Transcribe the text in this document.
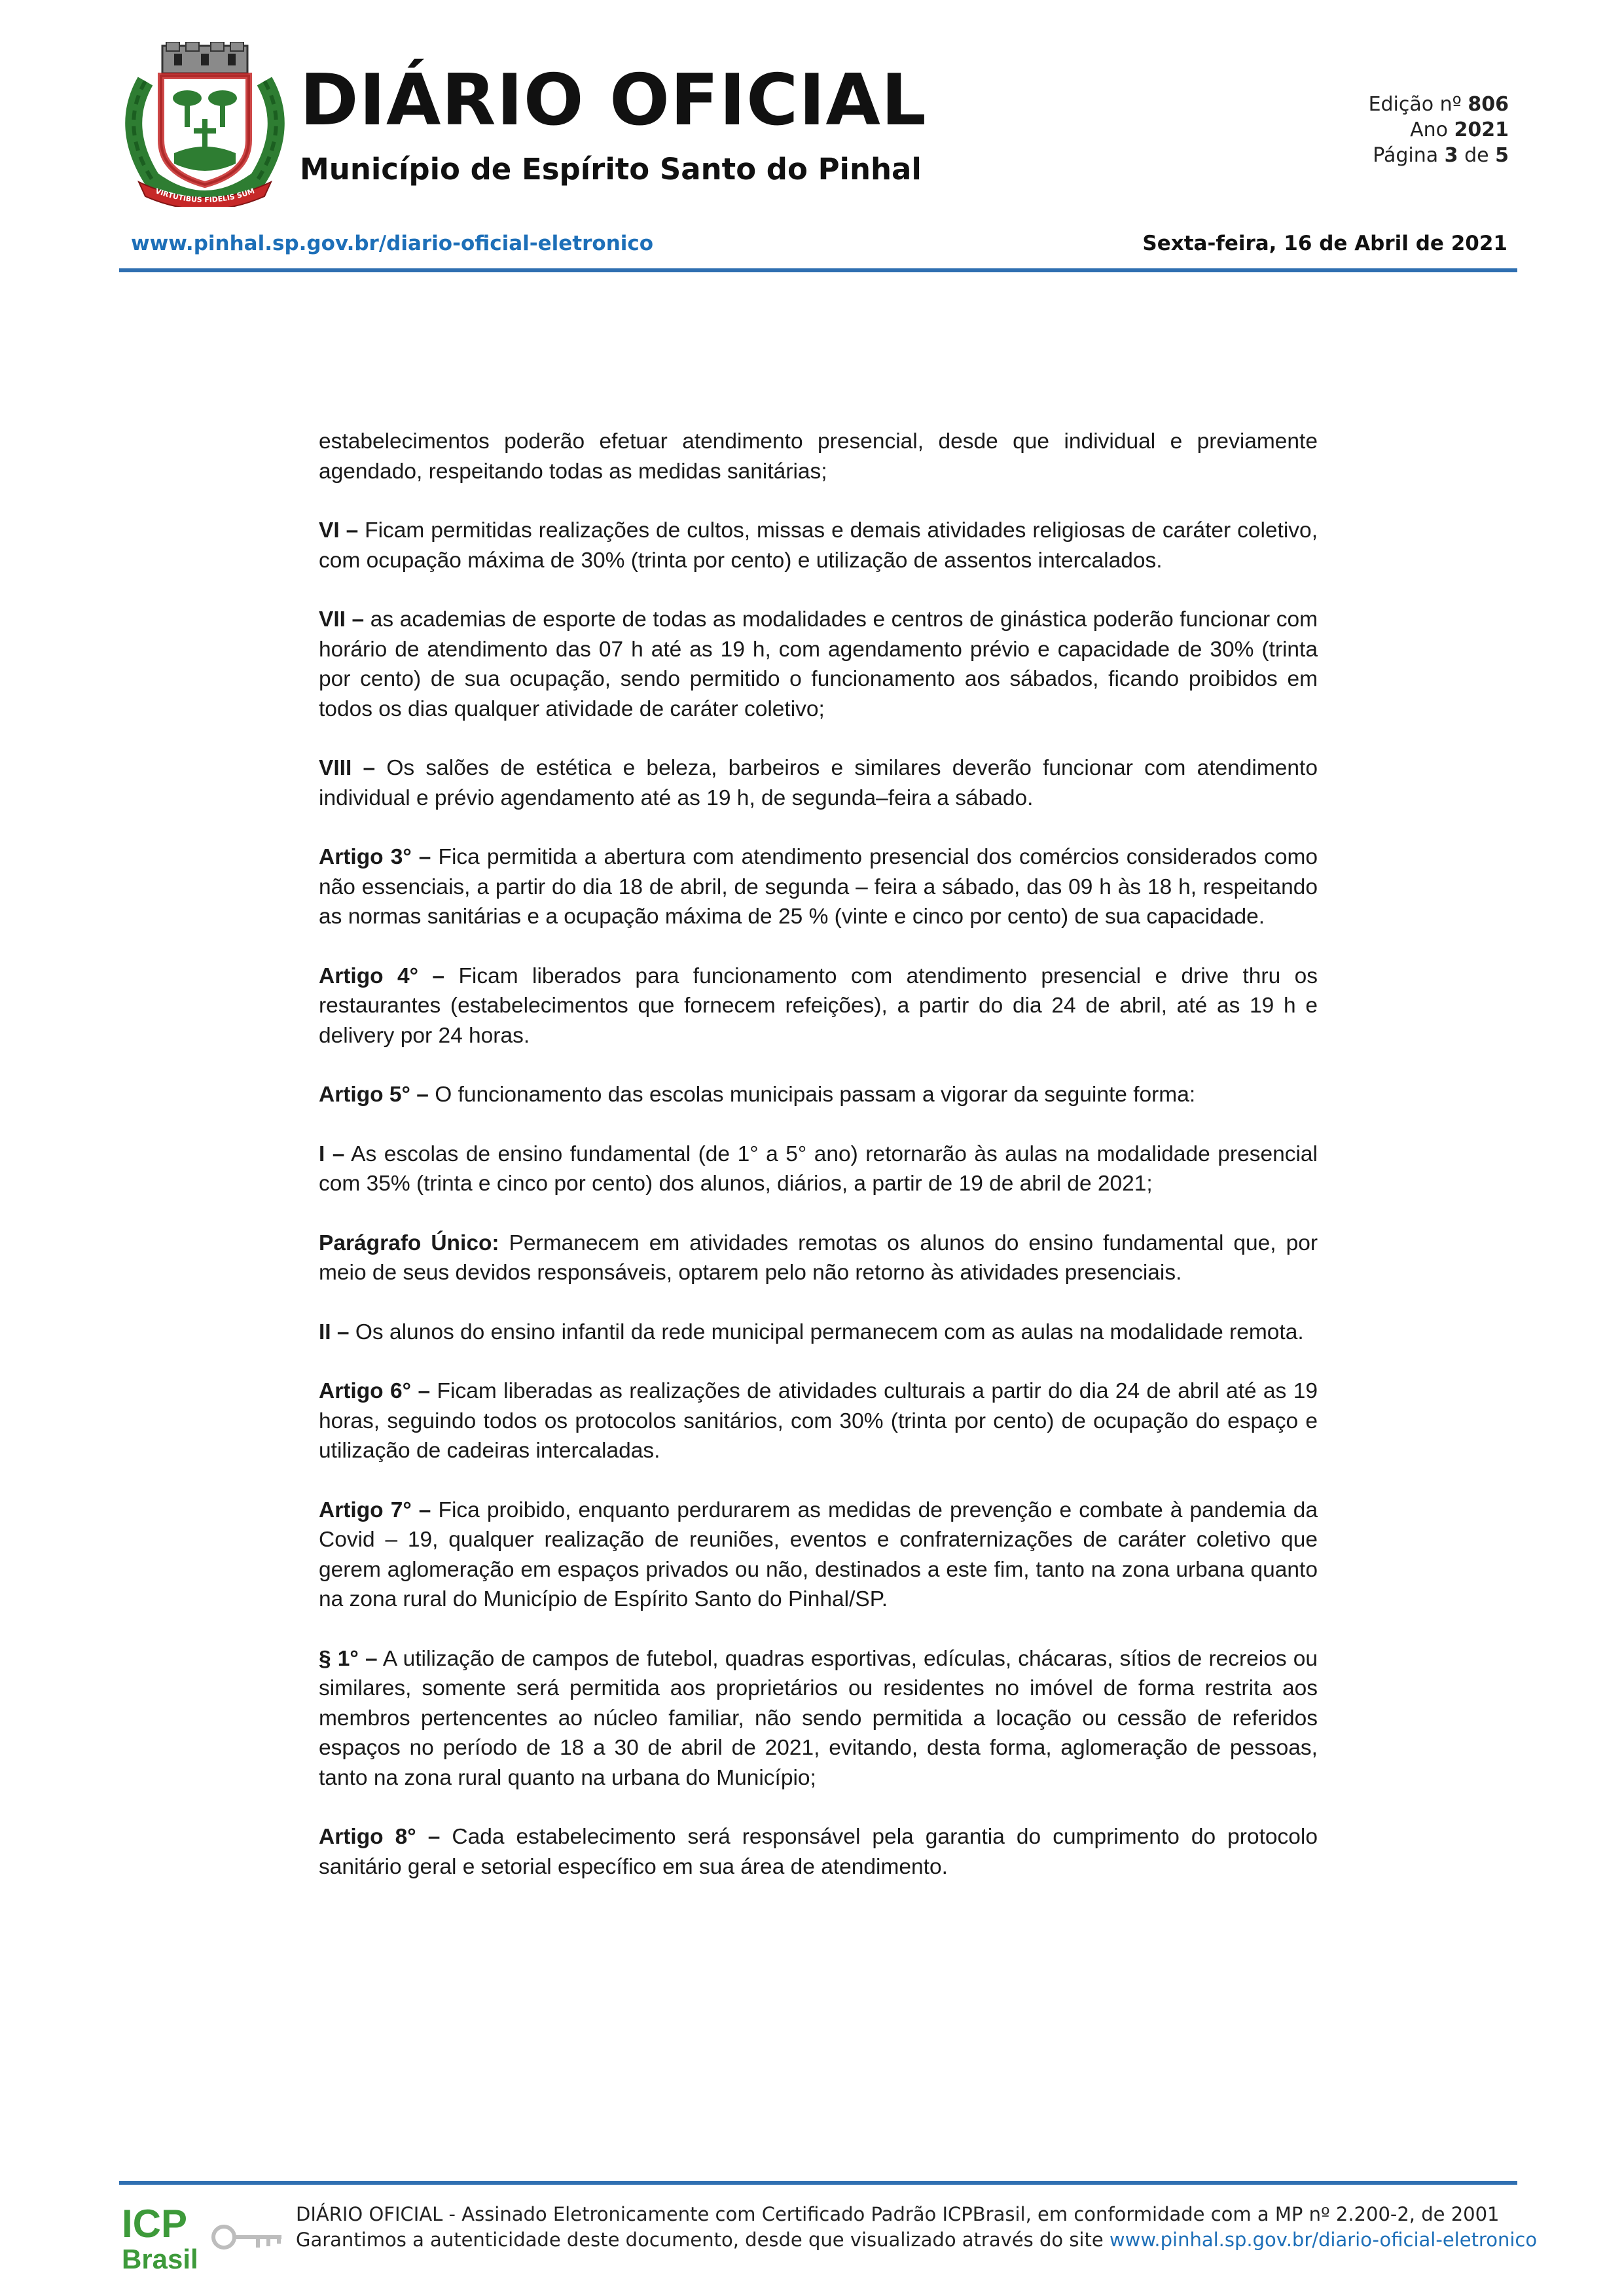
VIRTUTIBUS FIDELIS SUM
DIÁRIO OFICIAL
Município de Espírito Santo do Pinhal
Edição nº 806
Ano 2021
Página 3 de 5
www.pinhal.sp.gov.br/diario-oficial-eletronico	Sexta-feira, 16 de Abril de 2021

estabelecimentos poderão efetuar atendimento presencial, desde que individual e previamente agendado, respeitando todas as medidas sanitárias;

VI – Ficam permitidas realizações de cultos, missas e demais atividades religiosas de caráter coletivo, com ocupação máxima de 30% (trinta por cento) e utilização de assentos intercalados.

VII – as academias de esporte de todas as modalidades e centros de ginástica poderão funcionar com horário de atendimento das 07 h até as 19 h, com agendamento prévio e capacidade de 30% (trinta por cento) de sua ocupação, sendo permitido o funcionamento aos sábados, ficando proibidos em todos os dias qualquer atividade de caráter coletivo;

VIII – Os salões de estética e beleza, barbeiros e similares deverão funcionar com atendimento individual e prévio agendamento até as 19 h, de segunda–feira a sábado.

Artigo 3° – Fica permitida a abertura com atendimento presencial dos comércios considerados como não essenciais, a partir do dia 18 de abril, de segunda – feira a sábado, das 09 h às 18 h, respeitando as normas sanitárias e a ocupação máxima de 25 % (vinte e cinco por cento) de sua capacidade.

Artigo 4° – Ficam liberados para funcionamento com atendimento presencial e drive thru os restaurantes (estabelecimentos que fornecem refeições), a partir do dia 24 de abril, até as 19 h e delivery por 24 horas.

Artigo 5° – O funcionamento das escolas municipais passam a vigorar da seguinte forma:

I – As escolas de ensino fundamental (de 1° a 5° ano) retornarão às aulas na modalidade presencial com 35% (trinta e cinco por cento) dos alunos, diários, a partir de 19 de abril de 2021;

Parágrafo Único: Permanecem em atividades remotas os alunos do ensino fundamental que, por meio de seus devidos responsáveis, optarem pelo não retorno às atividades presenciais.

II – Os alunos do ensino infantil da rede municipal permanecem com as aulas na modalidade remota.

Artigo 6° – Ficam liberadas as realizações de atividades culturais a partir do dia 24 de abril até as 19 horas, seguindo todos os protocolos sanitários, com 30% (trinta por cento) de ocupação do espaço e utilização de cadeiras intercaladas.

Artigo 7° – Fica proibido, enquanto perdurarem as medidas de prevenção e combate à pandemia da Covid – 19, qualquer realização de reuniões, eventos e confraternizações de caráter coletivo que gerem aglomeração em espaços privados ou não, destinados a este fim, tanto na zona urbana quanto na zona rural do Município de Espírito Santo do Pinhal/SP.

§ 1° – A utilização de campos de futebol, quadras esportivas, edículas, chácaras, sítios de recreios ou similares, somente será permitida aos proprietários ou residentes no imóvel de forma restrita aos membros pertencentes ao núcleo familiar, não sendo permitida a locação ou cessão de referidos espaços no período de 18 a 30 de abril de 2021, evitando, desta forma, aglomeração de pessoas, tanto na zona rural quanto na urbana do Município;

Artigo 8° – Cada estabelecimento será responsável pela garantia do cumprimento do protocolo sanitário geral e setorial específico em sua área de atendimento.

ICP
Brasil
DIÁRIO OFICIAL - Assinado Eletronicamente com Certificado Padrão ICPBrasil, em conformidade com a MP nº 2.200-2, de 2001
Garantimos a autenticidade deste documento, desde que visualizado através do site www.pinhal.sp.gov.br/diario-oficial-eletronico
